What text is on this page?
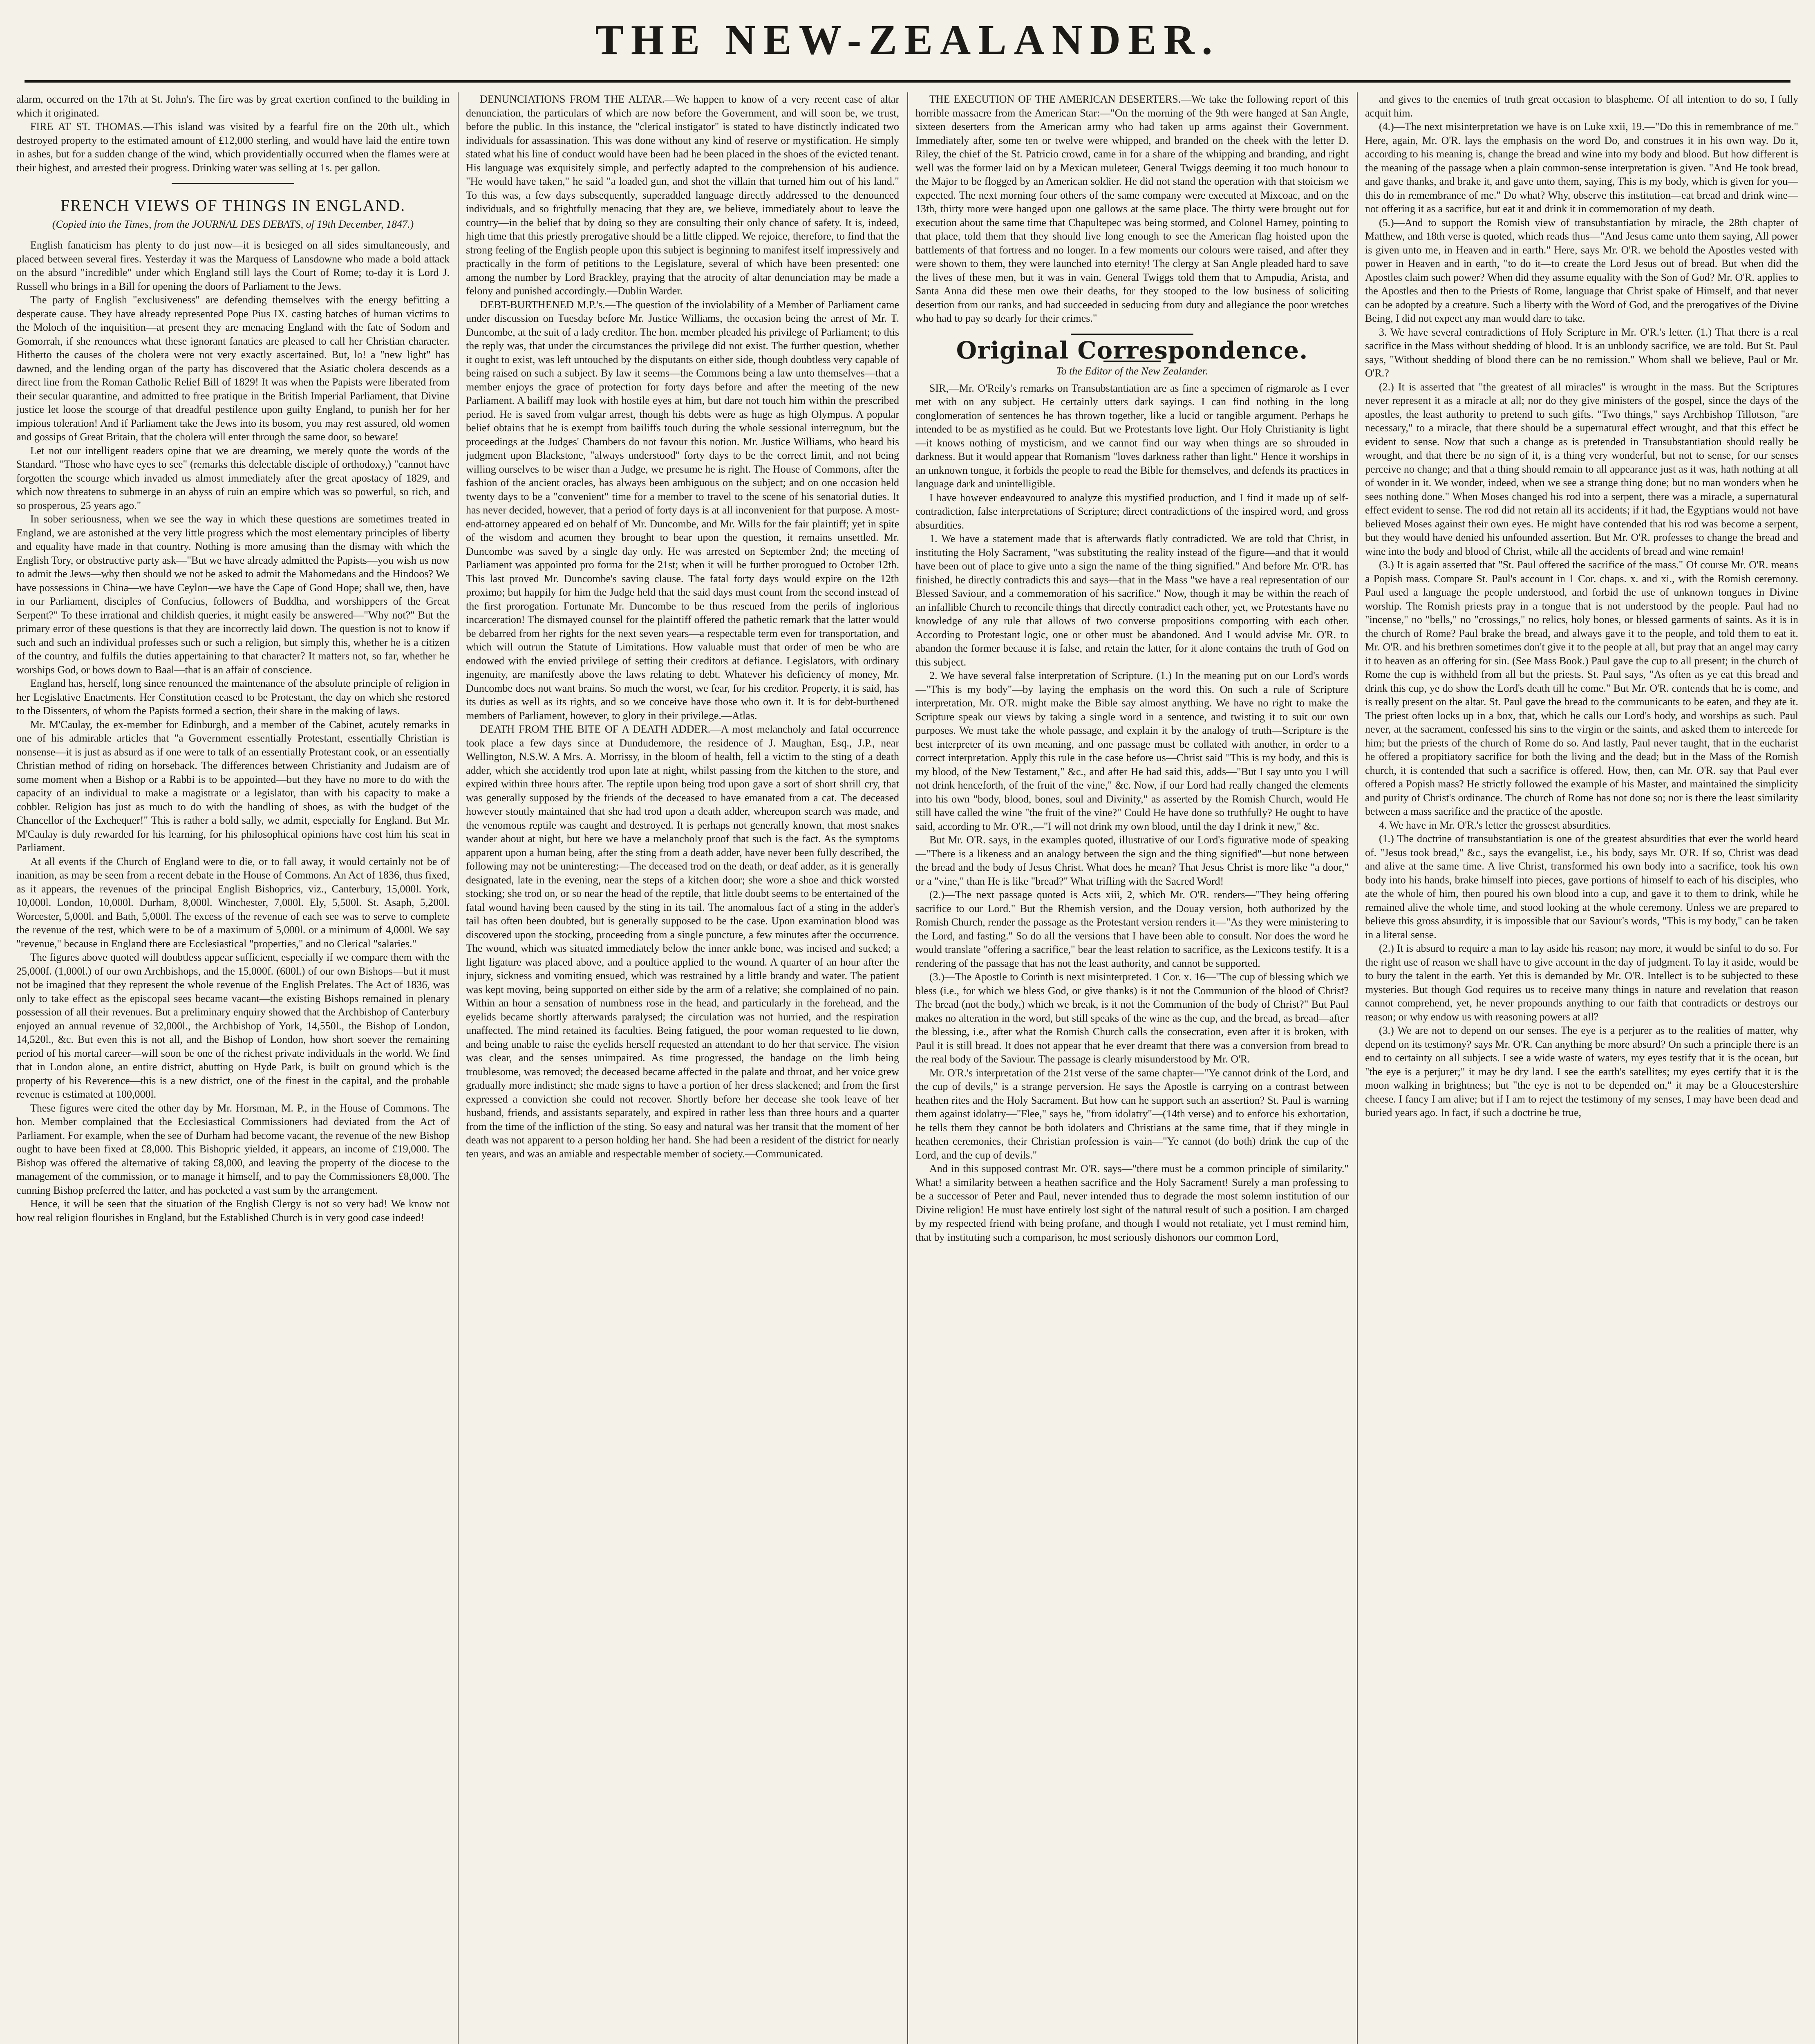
THE NEW-ZEALANDER.

alarm, occurred on the 17th at St. John's. The fire was by great exertion confined to the building in which it originated.

FIRE AT ST. THOMAS.—This island was visited by a fearful fire on the 20th ult., which destroyed property to the estimated amount of £12,000 sterling, and would have laid the entire town in ashes, but for a sudden change of the wind, which providentially occurred when the flames were at their highest, and arrested their progress. Drinking water was selling at 1s. per gallon.

FRENCH VIEWS OF THINGS IN ENGLAND.
(Copied into the Times, from the JOURNAL DES DEBATS, of 19th December, 1847.)

English fanaticism has plenty to do just now—it is besieged on all sides simultaneously, and placed between several fires. Yesterday it was the Marquess of Lansdowne who made a bold attack on the absurd "incredible" under which England still lays the Court of Rome; to-day it is Lord J. Russell who brings in a Bill for opening the doors of Parliament to the Jews.

The party of English "exclusiveness" are defending themselves with the energy befitting a desperate cause. They have already represented Pope Pius IX. casting batches of human victims to the Moloch of the inquisition—at present they are menacing England with the fate of Sodom and Gomorrah, if she renounces what these ignorant fanatics are pleased to call her Christian character. Hitherto the causes of the cholera were not very exactly ascertained. But, lo! a "new light" has dawned, and the lending organ of the party has discovered that the Asiatic cholera descends as a direct line from the Roman Catholic Relief Bill of 1829! It was when the Papists were liberated from their secular quarantine, and admitted to free pratique in the British Imperial Parliament, that Divine justice let loose the scourge of that dreadful pestilence upon guilty England, to punish her for her impious toleration! And if Parliament take the Jews into its bosom, you may rest assured, old women and gossips of Great Britain, that the cholera will enter through the same door, so beware!

Let not our intelligent readers opine that we are dreaming, we merely quote the words of the Standard. "Those who have eyes to see" (remarks this delectable disciple of orthodoxy,) "cannot have forgotten the scourge which invaded us almost immediately after the great apostacy of 1829, and which now threatens to submerge in an abyss of ruin an empire which was so powerful, so rich, and so prosperous, 25 years ago."

In sober seriousness, when we see the way in which these questions are sometimes treated in England, we are astonished at the very little progress which the most elementary principles of liberty and equality have made in that country. Nothing is more amusing than the dismay with which the English Tory, or obstructive party ask—"But we have already admitted the Papists—you wish us now to admit the Jews—why then should we not be asked to admit the Mahomedans and the Hindoos? We have possessions in China—we have Ceylon—we have the Cape of Good Hope; shall we, then, have in our Parliament, disciples of Confucius, followers of Buddha, and worshippers of the Great Serpent?" To these irrational and childish queries, it might easily be answered—"Why not?" But the primary error of these questions is that they are incorrectly laid down. The question is not to know if such and such an individual professes such or such a religion, but simply this, whether he is a citizen of the country, and fulfils the duties appertaining to that character? It matters not, so far, whether he worships God, or bows down to Baal—that is an affair of conscience.

England has, herself, long since renounced the maintenance of the absolute principle of religion in her Legislative Enactments. Her Constitution ceased to be Protestant, the day on which she restored to the Dissenters, of whom the Papists formed a section, their share in the making of laws.

Mr. M'Caulay, the ex-member for Edinburgh, and a member of the Cabinet, acutely remarks in one of his admirable articles that "a Government essentially Protestant, essentially Christian is nonsense—it is just as absurd as if one were to talk of an essentially Protestant cook, or an essentially Christian method of riding on horseback. The differences between Christianity and Judaism are of some moment when a Bishop or a Rabbi is to be appointed—but they have no more to do with the capacity of an individual to make a magistrate or a legislator, than with his capacity to make a cobbler. Religion has just as much to do with the handling of shoes, as with the budget of the Chancellor of the Exchequer!" This is rather a bold sally, we admit, especially for England. But Mr. M'Caulay is duly rewarded for his learning, for his philosophical opinions have cost him his seat in Parliament.

At all events if the Church of England were to die, or to fall away, it would certainly not be of inanition, as may be seen from a recent debate in the House of Commons. An Act of 1836, thus fixed, as it appears, the revenues of the principal English Bishoprics, viz., Canterbury, 15,000l. York, 10,000l. London, 10,000l. Durham, 8,000l. Winchester, 7,000l. Ely, 5,500l. St. Asaph, 5,200l. Worcester, 5,000l. and Bath, 5,000l. The excess of the revenue of each see was to serve to complete the revenue of the rest, which were to be of a maximum of 5,000l. or a minimum of 4,000l. We say "revenue," because in England there are Ecclesiastical "properties," and no Clerical "salaries."

The figures above quoted will doubtless appear sufficient, especially if we compare them with the 25,000f. (1,000l.) of our own Archbishops, and the 15,000f. (600l.) of our own Bishops—but it must not be imagined that they represent the whole revenue of the English Prelates. The Act of 1836, was only to take effect as the episcopal sees became vacant—the existing Bishops remained in plenary possession of all their revenues. But a preliminary enquiry showed that the Archbishop of Canterbury enjoyed an annual revenue of 32,000l., the Archbishop of York, 14,550l., the Bishop of London, 14,520l., &c. But even this is not all, and the Bishop of London, how short soever the remaining period of his mortal career—will soon be one of the richest private individuals in the world. We find that in London alone, an entire district, abutting on Hyde Park, is built on ground which is the property of his Reverence—this is a new district, one of the finest in the capital, and the probable revenue is estimated at 100,000l.

These figures were cited the other day by Mr. Horsman, M. P., in the House of Commons. The hon. Member complained that the Ecclesiastical Commissioners had deviated from the Act of Parliament. For example, when the see of Durham had become vacant, the revenue of the new Bishop ought to have been fixed at £8,000. This Bishopric yielded, it appears, an income of £19,000. The Bishop was offered the alternative of taking £8,000, and leaving the property of the diocese to the management of the commission, or to manage it himself, and to pay the Commissioners £8,000. The cunning Bishop preferred the latter, and has pocketed a vast sum by the arrangement.

Hence, it will be seen that the situation of the English Clergy is not so very bad! We know not how real religion flourishes in England, but the Established Church is in very good case indeed!

DENUNCIATIONS FROM THE ALTAR.—We happen to know of a very recent case of altar denunciation, the particulars of which are now before the Government, and will soon be, we trust, before the public. In this instance, the "clerical instigator" is stated to have distinctly indicated two individuals for assassination. This was done without any kind of reserve or mystification. He simply stated what his line of conduct would have been had he been placed in the shoes of the evicted tenant. His language was exquisitely simple, and perfectly adapted to the comprehension of his audience. "He would have taken," he said "a loaded gun, and shot the villain that turned him out of his land." To this was, a few days subsequently, superadded language directly addressed to the denounced individuals, and so frightfully menacing that they are, we believe, immediately about to leave the country—in the belief that by doing so they are consulting their only chance of safety. It is, indeed, high time that this priestly prerogative should be a little clipped. We rejoice, therefore, to find that the strong feeling of the English people upon this subject is beginning to manifest itself impressively and practically in the form of petitions to the Legislature, several of which have been presented: one among the number by Lord Brackley, praying that the atrocity of altar denunciation may be made a felony and punished accordingly.—Dublin Warder.

DEBT-BURTHENED M.P.'s.—The question of the inviolability of a Member of Parliament came under discussion on Tuesday before Mr. Justice Williams, the occasion being the arrest of Mr. T. Duncombe, at the suit of a lady creditor. The hon. member pleaded his privilege of Parliament; to this the reply was, that under the circumstances the privilege did not exist. The further question, whether it ought to exist, was left untouched by the disputants on either side, though doubtless very capable of being raised on such a subject. By law it seems—the Commons being a law unto themselves—that a member enjoys the grace of protection for forty days before and after the meeting of the new Parliament. A bailiff may look with hostile eyes at him, but dare not touch him within the prescribed period. He is saved from vulgar arrest, though his debts were as huge as high Olympus. A popular belief obtains that he is exempt from bailiffs touch during the whole sessional interregnum, but the proceedings at the Judges' Chambers do not favour this notion. Mr. Justice Williams, who heard his judgment upon Blackstone, "always understood" forty days to be the correct limit, and not being willing ourselves to be wiser than a Judge, we presume he is right. The House of Commons, after the fashion of the ancient oracles, has always been ambiguous on the subject; and on one occasion held twenty days to be a "convenient" time for a member to travel to the scene of his senatorial duties. It has never decided, however, that a period of forty days is at all inconvenient for that purpose. A most-end-attorney appeared ed on behalf of Mr. Duncombe, and Mr. Wills for the fair plaintiff; yet in spite of the wisdom and acumen they brought to bear upon the question, it remains unsettled. Mr. Duncombe was saved by a single day only. He was arrested on September 2nd; the meeting of Parliament was appointed pro forma for the 21st; when it will be further prorogued to October 12th. This last proved Mr. Duncombe's saving clause. The fatal forty days would expire on the 12th proximo; but happily for him the Judge held that the said days must count from the second instead of the first prorogation. Fortunate Mr. Duncombe to be thus rescued from the perils of inglorious incarceration! The dismayed counsel for the plaintiff offered the pathetic remark that the latter would be debarred from her rights for the next seven years—a respectable term even for transportation, and which will outrun the Statute of Limitations. How valuable must that order of men be who are endowed with the envied privilege of setting their creditors at defiance. Legislators, with ordinary ingenuity, are manifestly above the laws relating to debt. Whatever his deficiency of money, Mr. Duncombe does not want brains. So much the worst, we fear, for his creditor. Property, it is said, has its duties as well as its rights, and so we conceive have those who own it. It is for debt-burthened members of Parliament, however, to glory in their privilege.—Atlas.

DEATH FROM THE BITE OF A DEATH ADDER.—A most melancholy and fatal occurrence took place a few days since at Dundudemore, the residence of J. Maughan, Esq., J.P., near Wellington, N.S.W. A Mrs. A. Morrissy, in the bloom of health, fell a victim to the sting of a death adder, which she accidently trod upon late at night, whilst passing from the kitchen to the store, and expired within three hours after. The reptile upon being trod upon gave a sort of short shrill cry, that was generally supposed by the friends of the deceased to have emanated from a cat. The deceased however stoutly maintained that she had trod upon a death adder, whereupon search was made, and the venomous reptile was caught and destroyed. It is perhaps not generally known, that most snakes wander about at night, but here we have a melancholy proof that such is the fact. As the symptoms apparent upon a human being, after the sting from a death adder, have never been fully described, the following may not be uninteresting:—The deceased trod on the death, or deaf adder, as it is generally designated, late in the evening, near the steps of a kitchen door; she wore a shoe and thick worsted stocking; she trod on, or so near the head of the reptile, that little doubt seems to be entertained of the fatal wound having been caused by the sting in its tail. The anomalous fact of a sting in the adder's tail has often been doubted, but is generally supposed to be the case. Upon examination blood was discovered upon the stocking, proceeding from a single puncture, a few minutes after the occurrence. The wound, which was situated immediately below the inner ankle bone, was incised and sucked; a light ligature was placed above, and a poultice applied to the wound. A quarter of an hour after the injury, sickness and vomiting ensued, which was restrained by a little brandy and water. The patient was kept moving, being supported on either side by the arm of a relative; she complained of no pain. Within an hour a sensation of numbness rose in the head, and particularly in the forehead, and the eyelids became shortly afterwards paralysed; the circulation was not hurried, and the respiration unaffected. The mind retained its faculties. Being fatigued, the poor woman requested to lie down, and being unable to raise the eyelids herself requested an attendant to do her that service. The vision was clear, and the senses unimpaired. As time progressed, the bandage on the limb being troublesome, was removed; the deceased became affected in the palate and throat, and her voice grew gradually more indistinct; she made signs to have a portion of her dress slackened; and from the first expressed a conviction she could not recover. Shortly before her decease she took leave of her husband, friends, and assistants separately, and expired in rather less than three hours and a quarter from the time of the infliction of the sting. So easy and natural was her transit that the moment of her death was not apparent to a person holding her hand. She had been a resident of the district for nearly ten years, and was an amiable and respectable member of society.—Communicated.

THE EXECUTION OF THE AMERICAN DESERTERS.—We take the following report of this horrible massacre from the American Star:—"On the morning of the 9th were hanged at San Angle, sixteen deserters from the American army who had taken up arms against their Government. Immediately after, some ten or twelve were whipped, and branded on the cheek with the letter D. Riley, the chief of the St. Patricio crowd, came in for a share of the whipping and branding, and right well was the former laid on by a Mexican muleteer, General Twiggs deeming it too much honour to the Major to be flogged by an American soldier. He did not stand the operation with that stoicism we expected. The next morning four others of the same company were executed at Mixcoac, and on the 13th, thirty more were hanged upon one gallows at the same place. The thirty were brought out for execution about the same time that Chapultepec was being stormed, and Colonel Harney, pointing to that place, told them that they should live long enough to see the American flag hoisted upon the battlements of that fortress and no longer. In a few moments our colours were raised, and after they were shown to them, they were launched into eternity! The clergy at San Angle pleaded hard to save the lives of these men, but it was in vain. General Twiggs told them that to Ampudia, Arista, and Santa Anna did these men owe their deaths, for they stooped to the low business of soliciting desertion from our ranks, and had succeeded in seducing from duty and allegiance the poor wretches who had to pay so dearly for their crimes."

Original Correspondence.
To the Editor of the New Zealander.

SIR,—Mr. O'Reily's remarks on Transubstantiation are as fine a specimen of rigmarole as I ever met with on any subject. He certainly utters dark sayings. I can find nothing in the long conglomeration of sentences he has thrown together, like a lucid or tangible argument. Perhaps he intended to be as mystified as he could. But we Protestants love light. Our Holy Christianity is light—it knows nothing of mysticism, and we cannot find our way when things are so shrouded in darkness. But it would appear that Romanism "loves darkness rather than light." Hence it worships in an unknown tongue, it forbids the people to read the Bible for themselves, and defends its practices in language dark and unintelligible.

I have however endeavoured to analyze this mystified production, and I find it made up of self-contradiction, false interpretations of Scripture; direct contradictions of the inspired word, and gross absurdities.

1. We have a statement made that is afterwards flatly contradicted. We are told that Christ, in instituting the Holy Sacrament, "was substituting the reality instead of the figure—and that it would have been out of place to give unto a sign the name of the thing signified." And before Mr. O'R. has finished, he directly contradicts this and says—that in the Mass "we have a real representation of our Blessed Saviour, and a commemoration of his sacrifice." Now, though it may be within the reach of an infallible Church to reconcile things that directly contradict each other, yet, we Protestants have no knowledge of any rule that allows of two converse propositions comporting with each other. According to Protestant logic, one or other must be abandoned. And I would advise Mr. O'R. to abandon the former because it is false, and retain the latter, for it alone contains the truth of God on this subject.

2. We have several false interpretation of Scripture. (1.) In the meaning put on our Lord's words—"This is my body"—by laying the emphasis on the word this. On such a rule of Scripture interpretation, Mr. O'R. might make the Bible say almost anything. We have no right to make the Scripture speak our views by taking a single word in a sentence, and twisting it to suit our own purposes. We must take the whole passage, and explain it by the analogy of truth—Scripture is the best interpreter of its own meaning, and one passage must be collated with another, in order to a correct interpretation. Apply this rule in the case before us—Christ said "This is my body, and this is my blood, of the New Testament," &c., and after He had said this, adds—"But I say unto you I will not drink henceforth, of the fruit of the vine," &c. Now, if our Lord had really changed the elements into his own "body, blood, bones, soul and Divinity," as asserted by the Romish Church, would He still have called the wine "the fruit of the vine?" Could He have done so truthfully? He ought to have said, according to Mr. O'R.,—"I will not drink my own blood, until the day I drink it new," &c.

But Mr. O'R. says, in the examples quoted, illustrative of our Lord's figurative mode of speaking—"There is a likeness and an analogy between the sign and the thing signified"—but none between the bread and the body of Jesus Christ. What does he mean? That Jesus Christ is more like "a door," or a "vine," than He is like "bread?" What trifling with the Sacred Word!

(2.)—The next passage quoted is Acts xiii, 2, which Mr. O'R. renders—"They being offering sacrifice to our Lord." But the Rhemish version, and the Douay version, both authorized by the Romish Church, render the passage as the Protestant version renders it—"As they were ministering to the Lord, and fasting." So do all the versions that I have been able to consult. Nor does the word he would translate "offering a sacrifice," bear the least relation to sacrifice, as the Lexicons testify. It is a rendering of the passage that has not the least authority, and cannot be supported.

(3.)—The Apostle to Corinth is next misinterpreted. 1 Cor. x. 16—"The cup of blessing which we bless (i.e., for which we bless God, or give thanks) is it not the Communion of the blood of Christ? The bread (not the body,) which we break, is it not the Communion of the body of Christ?" But Paul makes no alteration in the word, but still speaks of the wine as the cup, and the bread, as bread—after the blessing, i.e., after what the Romish Church calls the consecration, even after it is broken, with Paul it is still bread. It does not appear that he ever dreamt that there was a conversion from bread to the real body of the Saviour. The passage is clearly misunderstood by Mr. O'R.

Mr. O'R.'s interpretation of the 21st verse of the same chapter—"Ye cannot drink of the Lord, and the cup of devils," is a strange perversion. He says the Apostle is carrying on a contrast between heathen rites and the Holy Sacrament. But how can he support such an assertion? St. Paul is warning them against idolatry—"Flee," says he, "from idolatry"—(14th verse) and to enforce his exhortation, he tells them they cannot be both idolaters and Christians at the same time, that if they mingle in heathen ceremonies, their Christian profession is vain—"Ye cannot (do both) drink the cup of the Lord, and the cup of devils."

And in this supposed contrast Mr. O'R. says—"there must be a common principle of similarity." What! a similarity between a heathen sacrifice and the Holy Sacrament! Surely a man professing to be a successor of Peter and Paul, never intended thus to degrade the most solemn institution of our Divine religion! He must have entirely lost sight of the natural result of such a position. I am charged by my respected friend with being profane, and though I would not retaliate, yet I must remind him, that by instituting such a comparison, he most seriously dishonors our common Lord,

and gives to the enemies of truth great occasion to blaspheme. Of all intention to do so, I fully acquit him.

(4.)—The next misinterpretation we have is on Luke xxii, 19.—"Do this in remembrance of me." Here, again, Mr. O'R. lays the emphasis on the word Do, and construes it in his own way. Do it, according to his meaning is, change the bread and wine into my body and blood. But how different is the meaning of the passage when a plain common-sense interpretation is given. "And He took bread, and gave thanks, and brake it, and gave unto them, saying, This is my body, which is given for you—this do in remembrance of me." Do what? Why, observe this institution—eat bread and drink wine—not offering it as a sacrifice, but eat it and drink it in commemoration of my death.

(5.)—And to support the Romish view of transubstantiation by miracle, the 28th chapter of Matthew, and 18th verse is quoted, which reads thus—"And Jesus came unto them saying, All power is given unto me, in Heaven and in earth." Here, says Mr. O'R. we behold the Apostles vested with power in Heaven and in earth, "to do it—to create the Lord Jesus out of bread. But when did the Apostles claim such power? When did they assume equality with the Son of God? Mr. O'R. applies to the Apostles and then to the Priests of Rome, language that Christ spake of Himself, and that never can be adopted by a creature. Such a liberty with the Word of God, and the prerogatives of the Divine Being, I did not expect any man would dare to take.

3. We have several contradictions of Holy Scripture in Mr. O'R.'s letter. (1.) That there is a real sacrifice in the Mass without shedding of blood. It is an unbloody sacrifice, we are told. But St. Paul says, "Without shedding of blood there can be no remission." Whom shall we believe, Paul or Mr. O'R.?

(2.) It is asserted that "the greatest of all miracles" is wrought in the mass. But the Scriptures never represent it as a miracle at all; nor do they give ministers of the gospel, since the days of the apostles, the least authority to pretend to such gifts. "Two things," says Archbishop Tillotson, "are necessary," to a miracle, that there should be a supernatural effect wrought, and that this effect be evident to sense. Now that such a change as is pretended in Transubstantiation should really be wrought, and that there be no sign of it, is a thing very wonderful, but not to sense, for our senses perceive no change; and that a thing should remain to all appearance just as it was, hath nothing at all of wonder in it. We wonder, indeed, when we see a strange thing done; but no man wonders when he sees nothing done." When Moses changed his rod into a serpent, there was a miracle, a supernatural effect evident to sense. The rod did not retain all its accidents; if it had, the Egyptians would not have believed Moses against their own eyes. He might have contended that his rod was become a serpent, but they would have denied his unfounded assertion. But Mr. O'R. professes to change the bread and wine into the body and blood of Christ, while all the accidents of bread and wine remain!

(3.) It is again asserted that "St. Paul offered the sacrifice of the mass." Of course Mr. O'R. means a Popish mass. Compare St. Paul's account in 1 Cor. chaps. x. and xi., with the Romish ceremony. Paul used a language the people understood, and forbid the use of unknown tongues in Divine worship. The Romish priests pray in a tongue that is not understood by the people. Paul had no "incense," no "bells," no "crossings," no relics, holy bones, or blessed garments of saints. As it is in the church of Rome? Paul brake the bread, and always gave it to the people, and told them to eat it. Mr. O'R. and his brethren sometimes don't give it to the people at all, but pray that an angel may carry it to heaven as an offering for sin. (See Mass Book.) Paul gave the cup to all present; in the church of Rome the cup is withheld from all but the priests. St. Paul says, "As often as ye eat this bread and drink this cup, ye do show the Lord's death till he come." But Mr. O'R. contends that he is come, and is really present on the altar. St. Paul gave the bread to the communicants to be eaten, and they ate it. The priest often locks up in a box, that, which he calls our Lord's body, and worships as such. Paul never, at the sacrament, confessed his sins to the virgin or the saints, and asked them to intercede for him; but the priests of the church of Rome do so. And lastly, Paul never taught, that in the eucharist he offered a propitiatory sacrifice for both the living and the dead; but in the Mass of the Romish church, it is contended that such a sacrifice is offered. How, then, can Mr. O'R. say that Paul ever offered a Popish mass? He strictly followed the example of his Master, and maintained the simplicity and purity of Christ's ordinance. The church of Rome has not done so; nor is there the least similarity between a mass sacrifice and the practice of the apostle.

4. We have in Mr. O'R.'s letter the grossest absurdities.

(1.) The doctrine of transubstantiation is one of the greatest absurdities that ever the world heard of. "Jesus took bread," &c., says the evangelist, i.e., his body, says Mr. O'R. If so, Christ was dead and alive at the same time. A live Christ, transformed his own body into a sacrifice, took his own body into his hands, brake himself into pieces, gave portions of himself to each of his disciples, who ate the whole of him, then poured his own blood into a cup, and gave it to them to drink, while he remained alive the whole time, and stood looking at the whole ceremony. Unless we are prepared to believe this gross absurdity, it is impossible that our Saviour's words, "This is my body," can be taken in a literal sense.

(2.) It is absurd to require a man to lay aside his reason; nay more, it would be sinful to do so. For the right use of reason we shall have to give account in the day of judgment. To lay it aside, would be to bury the talent in the earth. Yet this is demanded by Mr. O'R. Intellect is to be subjected to these mysteries. But though God requires us to receive many things in nature and revelation that reason cannot comprehend, yet, he never propounds anything to our faith that contradicts or destroys our reason; or why endow us with reasoning powers at all?

(3.) We are not to depend on our senses. The eye is a perjurer as to the realities of matter, why depend on its testimony? says Mr. O'R. Can anything be more absurd? On such a principle there is an end to certainty on all subjects. I see a wide waste of waters, my eyes testify that it is the ocean, but "the eye is a perjurer;" it may be dry land. I see the earth's satellites; my eyes certify that it is the moon walking in brightness; but "the eye is not to be depended on," it may be a Gloucestershire cheese. I fancy I am alive; but if I am to reject the testimony of my senses, I may have been dead and buried years ago. In fact, if such a doctrine be true,
